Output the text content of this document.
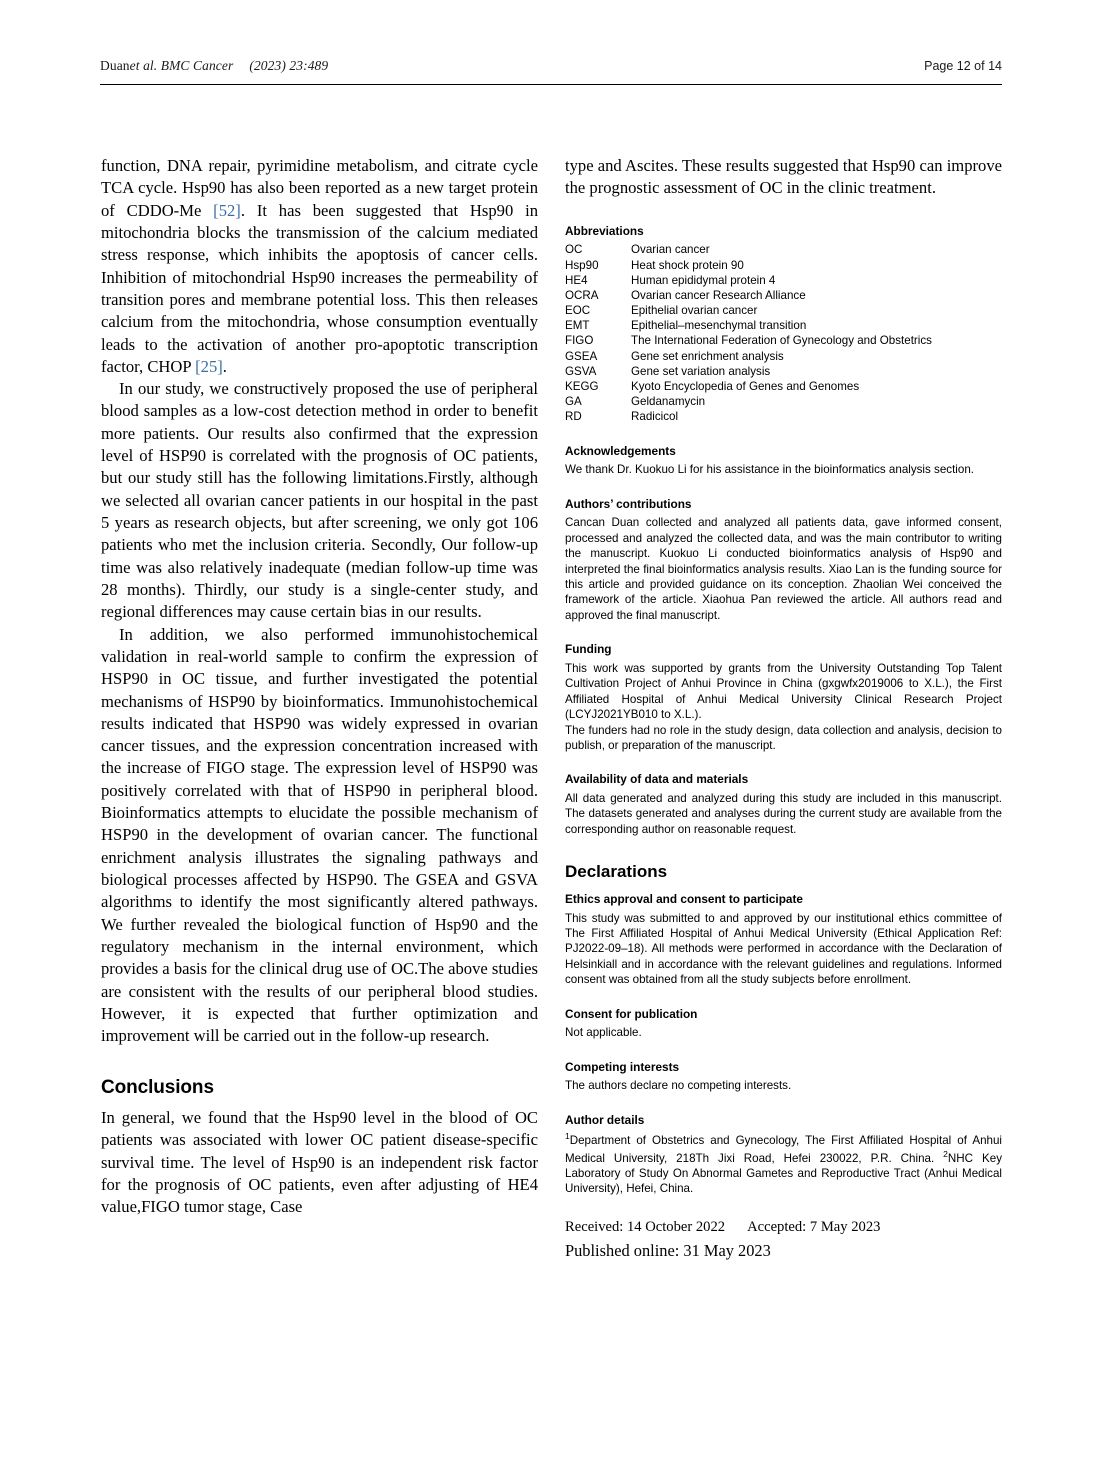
Duanet al. BMC Cancer (2023) 23:489	Page 12 of 14

function, DNA repair, pyrimidine metabolism, and citrate cycle TCA cycle. Hsp90 has also been reported as a new target protein of CDDO-Me [52]. It has been suggested that Hsp90 in mitochondria blocks the transmission of the calcium mediated stress response, which inhibits the apoptosis of cancer cells. Inhibition of mitochondrial Hsp90 increases the permeability of transition pores and membrane potential loss. This then releases calcium from the mitochondria, whose consumption eventually leads to the activation of another pro-apoptotic transcription factor, CHOP [25].

In our study, we constructively proposed the use of peripheral blood samples as a low-cost detection method in order to benefit more patients. Our results also confirmed that the expression level of HSP90 is correlated with the prognosis of OC patients, but our study still has the following limitations.Firstly, although we selected all ovarian cancer patients in our hospital in the past 5 years as research objects, but after screening, we only got 106 patients who met the inclusion criteria. Secondly, Our follow-up time was also relatively inadequate (median follow-up time was 28 months). Thirdly, our study is a single-center study, and regional differences may cause certain bias in our results.

In addition, we also performed immunohistochemical validation in real-world sample to confirm the expression of HSP90 in OC tissue, and further investigated the potential mechanisms of HSP90 by bioinformatics. Immunohistochemical results indicated that HSP90 was widely expressed in ovarian cancer tissues, and the expression concentration increased with the increase of FIGO stage. The expression level of HSP90 was positively correlated with that of HSP90 in peripheral blood. Bioinformatics attempts to elucidate the possible mechanism of HSP90 in the development of ovarian cancer. The functional enrichment analysis illustrates the signaling pathways and biological processes affected by HSP90. The GSEA and GSVA algorithms to identify the most significantly altered pathways. We further revealed the biological function of Hsp90 and the regulatory mechanism in the internal environment, which provides a basis for the clinical drug use of OC.The above studies are consistent with the results of our peripheral blood studies. However, it is expected that further optimization and improvement will be carried out in the follow-up research.

Conclusions

In general, we found that the Hsp90 level in the blood of OC patients was associated with lower OC patient disease-specific survival time. The level of Hsp90 is an independent risk factor for the prognosis of OC patients, even after adjusting of HE4 value,FIGO tumor stage, Case

type and Ascites. These results suggested that Hsp90 can improve the prognostic assessment of OC in the clinic treatment.

Abbreviations
OC	Ovarian cancer
Hsp90	Heat shock protein 90
HE4	Human epididymal protein 4
OCRA	Ovarian cancer Research Alliance
EOC	Epithelial ovarian cancer
EMT	Epithelial–mesenchymal transition
FIGO	The International Federation of Gynecology and Obstetrics
GSEA	Gene set enrichment analysis
GSVA	Gene set variation analysis
KEGG	Kyoto Encyclopedia of Genes and Genomes
GA	Geldanamycin
RD	Radicicol
Acknowledgements

We thank Dr. Kuokuo Li for his assistance in the bioinformatics analysis section.

Authors’ contributions

Cancan Duan collected and analyzed all patients data, gave informed consent, processed and analyzed the collected data, and was the main contributor to writing the manuscript. Kuokuo Li conducted bioinformatics analysis of Hsp90 and interpreted the final bioinformatics analysis results. Xiao Lan is the funding source for this article and provided guidance on its conception. Zhaolian Wei conceived the framework of the article. Xiaohua Pan reviewed the article. All authors read and approved the final manuscript.

Funding

This work was supported by grants from the University Outstanding Top Talent Cultivation Project of Anhui Province in China (gxgwfx2019006 to X.L.), the First Affiliated Hospital of Anhui Medical University Clinical Research Project (LCYJ2021YB010 to X.L.).

The funders had no role in the study design, data collection and analysis, decision to publish, or preparation of the manuscript.

Availability of data and materials

All data generated and analyzed during this study are included in this manuscript. The datasets generated and analyses during the current study are available from the corresponding author on reasonable request.

Declarations
Ethics approval and consent to participate

This study was submitted to and approved by our institutional ethics committee of The First Affiliated Hospital of Anhui Medical University (Ethical Application Ref: PJ2022-09–18). All methods were performed in accordance with the Declaration of Helsinkiall and in accordance with the relevant guidelines and regulations. Informed consent was obtained from all the study subjects before enrollment.

Consent for publication

Not applicable.

Competing interests

The authors declare no competing interests.

Author details

$^1$Department of Obstetrics and Gynecology, The First Affiliated Hospital of Anhui Medical University, 218Th Jixi Road, Hefei 230022, P.R. China. $^2$NHC Key Laboratory of Study On Abnormal Gametes and Reproductive Tract (Anhui Medical University), Hefei, China.

Received: 14 October 2022 Accepted: 7 May 2023
Published online: 31 May 2023
